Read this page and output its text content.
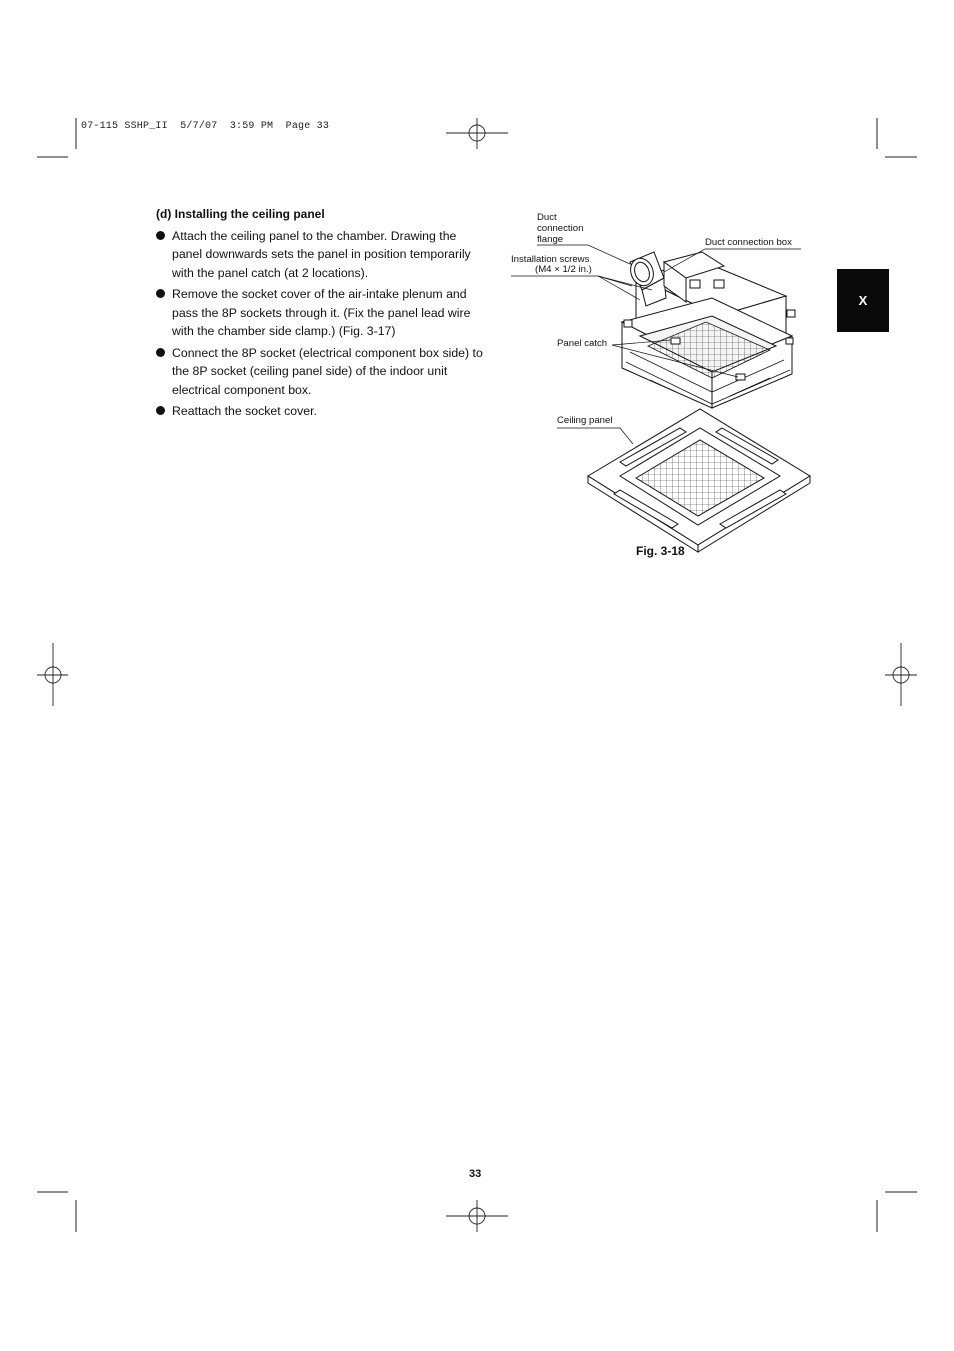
07-115 SSHP_II  5/7/07  3:59 PM  Page 33
(d) Installing the ceiling panel
Attach the ceiling panel to the chamber. Drawing the panel downwards sets the panel in position temporarily with the panel catch (at 2 locations).
Remove the socket cover of the air-intake plenum and pass the 8P sockets through it. (Fix the panel lead wire with the chamber side clamp.) (Fig. 3-17)
Connect the 8P socket (electrical component box side) to the 8P socket (ceiling panel side) of the indoor unit electrical component box.
Reattach the socket cover.
X
Duct
connection
flange	Duct connection box
Installation screws
(M4 × 1/2 in.)
Panel catch
Ceiling panel
Fig. 3-18
33
